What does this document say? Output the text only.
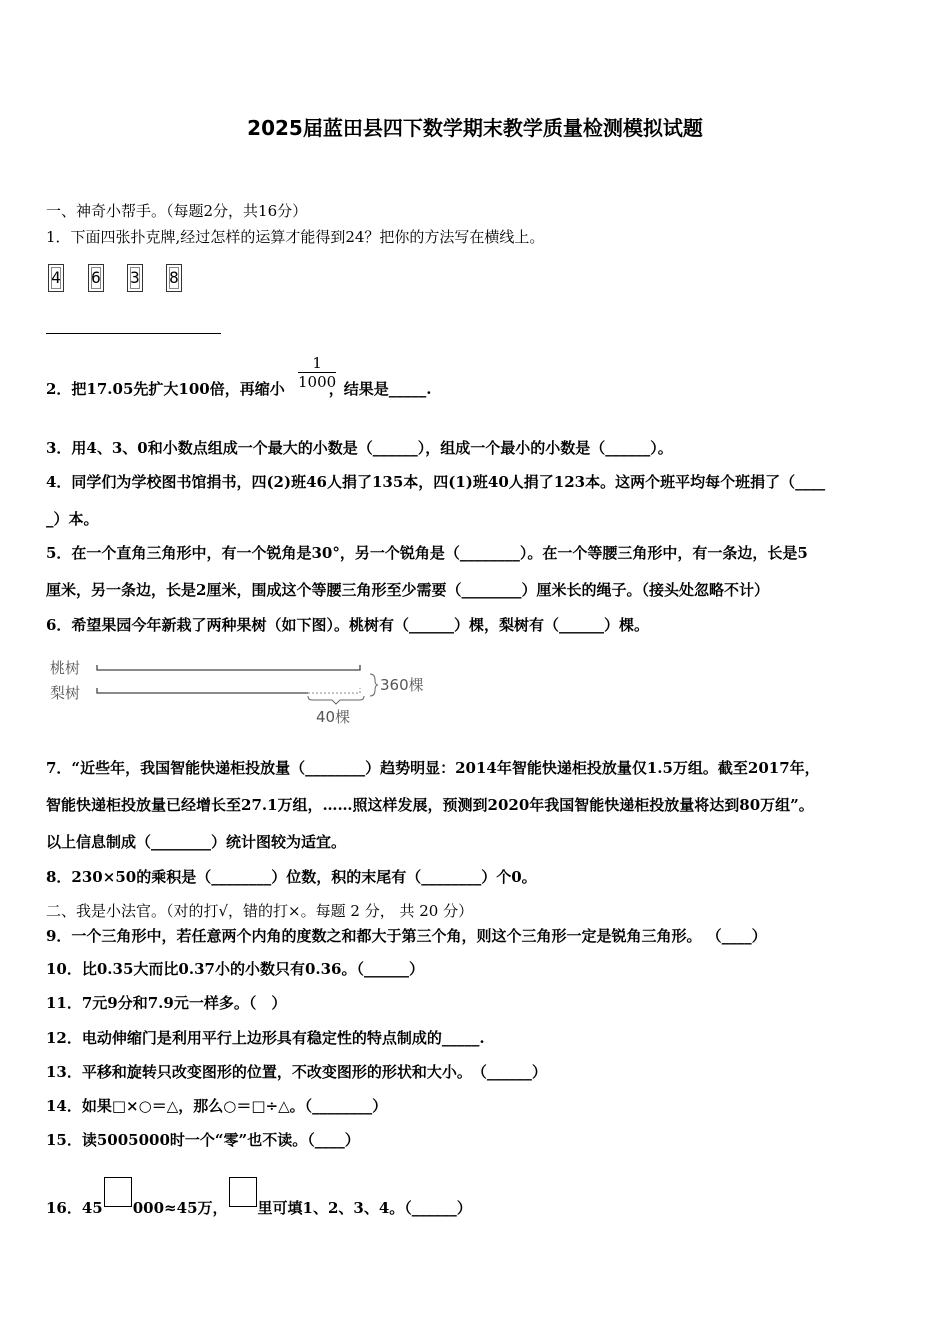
2025届蓝田县四下数学期末教学质量检测模拟试题
一、神奇小帮手。（每题2分，共16分）
1．下面四张扑克牌,经过怎样的运算才能得到24？把你的方法写在横线上。
4 6 3 8
2．把17.05先扩大100倍，再缩小	，结果是_____.
$\frac{1}{1000}$
3．用4、3、0和小数点组成一个最大的小数是（______），组成一个最小的小数是（______）。
4．同学们为学校图书馆捐书，四(2)班46人捐了135本，四(1)班40人捐了123本。这两个班平均每个班捐了（____
_）本。
5．在一个直角三角形中，有一个锐角是30°，另一个锐角是（________）。在一个等腰三角形中，有一条边，长是5
厘米，另一条边，长是2厘米，围成这个等腰三角形至少需要（________）厘米长的绳子。（接头处忽略不计）
6．希望果园今年新栽了两种果树（如下图）。桃树有（______）棵，梨树有（______）棵。
桃树
梨树	360棵
40棵
7．“近些年，我国智能快递柜投放量（________）趋势明显：2014年智能快递柜投放量仅1.5万组。截至2017年，
智能快递柜投放量已经增长至27.1万组，……照这样发展，预测到2020年我国智能快递柜投放量将达到80万组”。
以上信息制成（________）统计图较为适宜。
8．230×50的乘积是（________）位数，积的末尾有（________）个0。
二、我是小法官。（对的打√，错的打×。每题 2 分， 共 20 分）
9．一个三角形中，若任意两个内角的度数之和都大于第三个角，则这个三角形一定是锐角三角形。 （____）
10．比0.35大而比0.37小的小数只有0.36。（______）
11．7元9分和7.9元一样多。（　）
12．电动伸缩门是利用平行上边形具有稳定性的特点制成的_____.
13．平移和旋转只改变图形的位置，不改变图形的形状和大小。　（______）
14．如果□×○＝△，那么○＝□÷△。（________）
15．读5005000时一个“零”也不读。（____）
16．45 000≈45万， 里可填1、2、3、4。（______）
